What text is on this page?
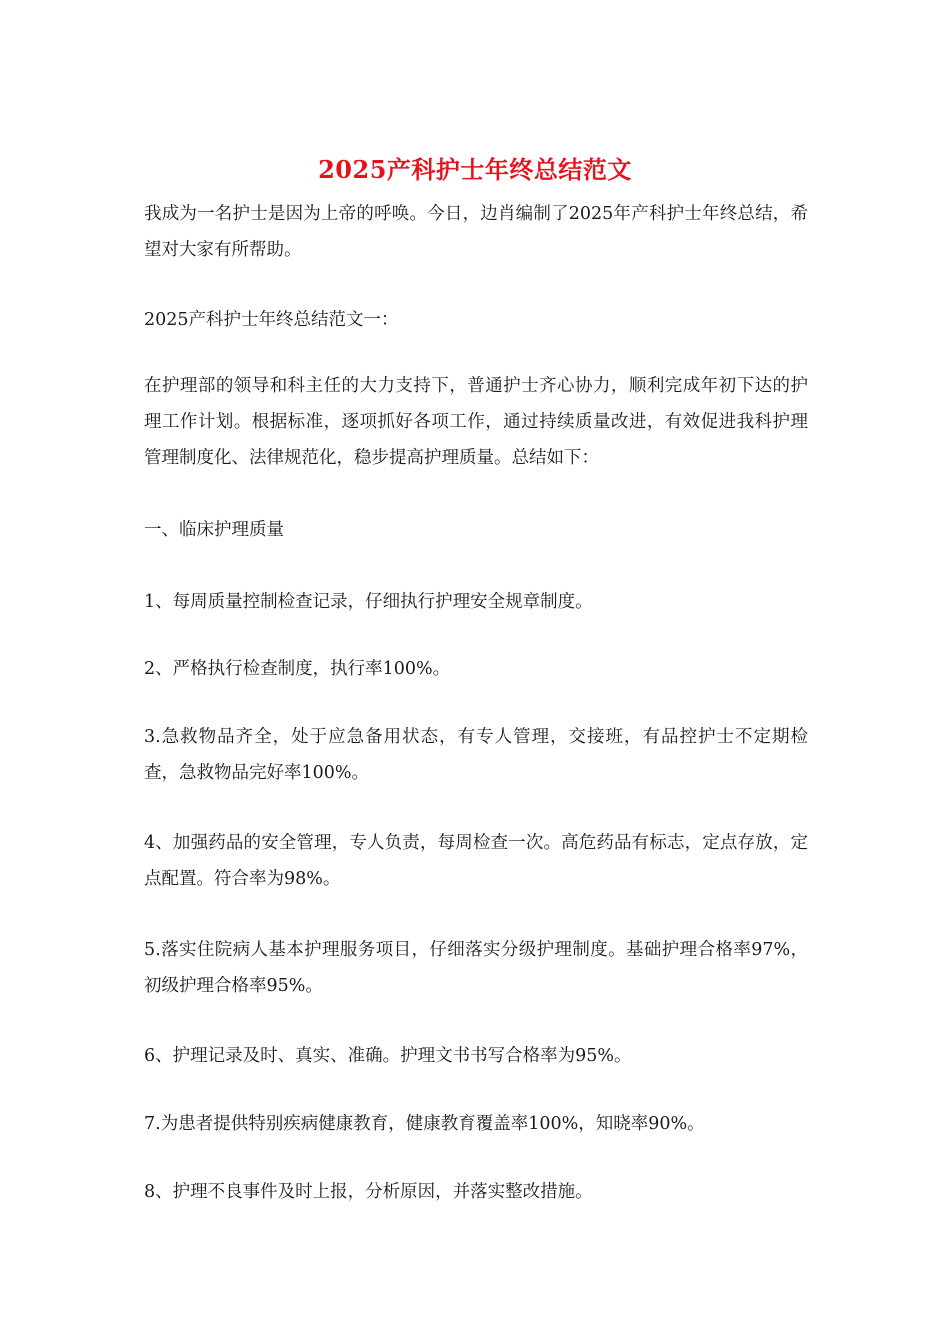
2025产科护士年终总结范文

我成为一名护士是因为上帝的呼唤。今日，边肖编制了2025年产科护士年终总结，希望对大家有所帮助。

2025产科护士年终总结范文一：

在护理部的领导和科主任的大力支持下，普通护士齐心协力，顺利完成年初下达的护理工作计划。根据标准，逐项抓好各项工作，通过持续质量改进，有效促进我科护理管理制度化、法律规范化，稳步提高护理质量。总结如下：

一、临床护理质量

1、每周质量控制检查记录，仔细执行护理安全规章制度。

2、严格执行检查制度，执行率100%。

3.急救物品齐全，处于应急备用状态，有专人管理，交接班，有品控护士不定期检查，急救物品完好率100%。

4、加强药品的安全管理，专人负责，每周检查一次。高危药品有标志，定点存放，定点配置。符合率为98%。

5.落实住院病人基本护理服务项目，仔细落实分级护理制度。基础护理合格率97%，初级护理合格率95%。

6、护理记录及时、真实、准确。护理文书书写合格率为95%。

7.为患者提供特别疾病健康教育，健康教育覆盖率100%，知晓率90%。

8、护理不良事件及时上报，分析原因，并落实整改措施。
